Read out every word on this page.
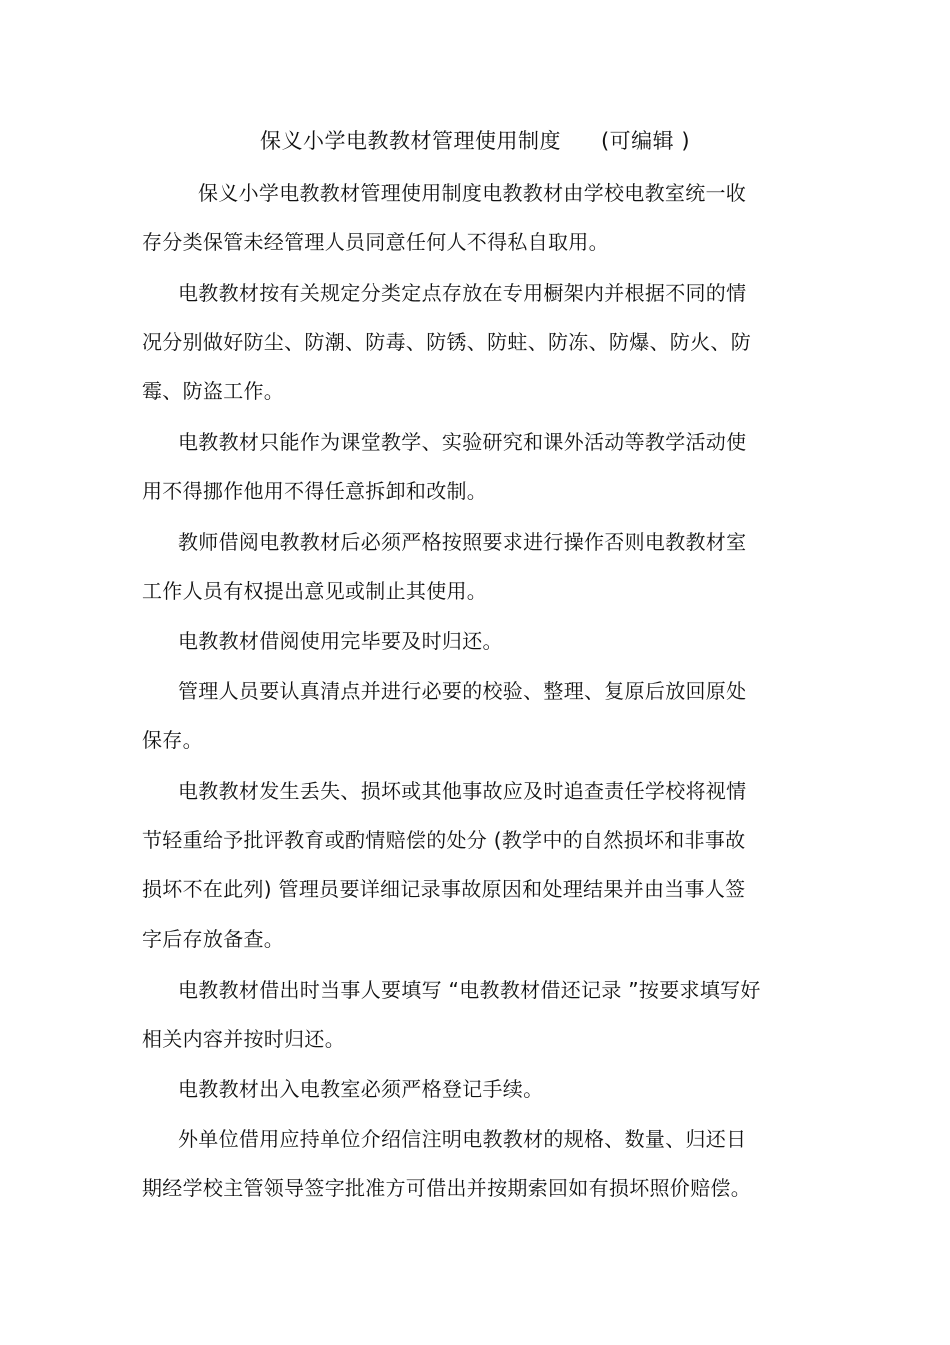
保义小学电教教材管理使用制度 (可编辑 )
保义小学电教教材管理使用制度电教教材由学校电教室统一收
存分类保管未经管理人员同意任何人不得私自取用。
电教教材按有关规定分类定点存放在专用橱架内并根据不同的情
况分别做好防尘、防潮、防毒、防锈、防蛀、防冻、防爆、防火、防
霉、防盗工作。
电教教材只能作为课堂教学、实验研究和课外活动等教学活动使
用不得挪作他用不得任意拆卸和改制。
教师借阅电教教材后必须严格按照要求进行操作否则电教教材室
工作人员有权提出意见或制止其使用。
电教教材借阅使用完毕要及时归还。
管理人员要认真清点并进行必要的校验、整理、复原后放回原处
保存。
电教教材发生丢失、损坏或其他事故应及时追查责任学校将视情
节轻重给予批评教育或酌情赔偿的处分 (教学中的自然损坏和非事故
损坏不在此列) 管理员要详细记录事故原因和处理结果并由当事人签
字后存放备查。
电教教材借出时当事人要填写 “电教教材借还记录 ”按要求填写好
相关内容并按时归还。
电教教材出入电教室必须严格登记手续。
外单位借用应持单位介绍信注明电教教材的规格、数量、归还日
期经学校主管领导签字批准方可借出并按期索回如有损坏照价赔偿。
